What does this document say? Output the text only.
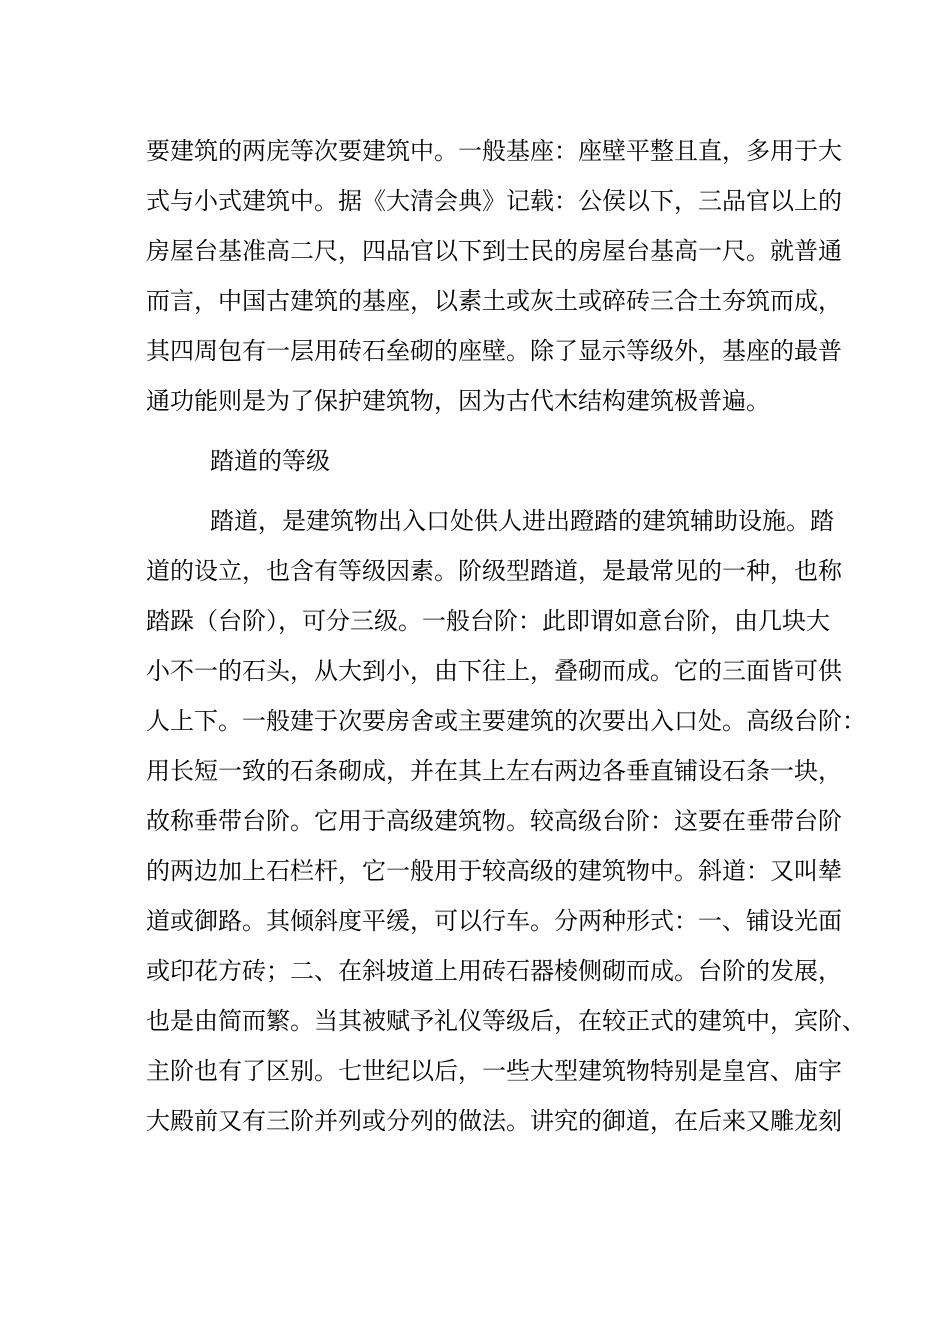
要建筑的两庑等次要建筑中。一般基座：座壁平整且直，多用于大
式与小式建筑中。据《大清会典》记载：公侯以下，三品官以上的
房屋台基准高二尺，四品官以下到士民的房屋台基高一尺。就普通
而言，中国古建筑的基座，以素土或灰土或碎砖三合土夯筑而成，
其四周包有一层用砖石垒砌的座壁。除了显示等级外，基座的最普
通功能则是为了保护建筑物，因为古代木结构建筑极普遍。
踏道的等级
踏道，是建筑物出入口处供人进出蹬踏的建筑辅助设施。踏
道的设立，也含有等级因素。阶级型踏道，是最常见的一种，也称
踏跺（台阶），可分三级。一般台阶：此即谓如意台阶，由几块大
小不一的石头，从大到小，由下往上，叠砌而成。它的三面皆可供
人上下。一般建于次要房舍或主要建筑的次要出入口处。高级台阶：
用长短一致的石条砌成，并在其上左右两边各垂直铺设石条一块，
故称垂带台阶。它用于高级建筑物。较高级台阶：这要在垂带台阶
的两边加上石栏杆，它一般用于较高级的建筑物中。斜道：又叫辇
道或御路。其倾斜度平缓，可以行车。分两种形式：一、铺设光面
或印花方砖；二、在斜坡道上用砖石器棱侧砌而成。台阶的发展，
也是由简而繁。当其被赋予礼仪等级后，在较正式的建筑中，宾阶、
主阶也有了区别。七世纪以后，一些大型建筑物特别是皇宫、庙宇
大殿前又有三阶并列或分列的做法。讲究的御道，在后来又雕龙刻
